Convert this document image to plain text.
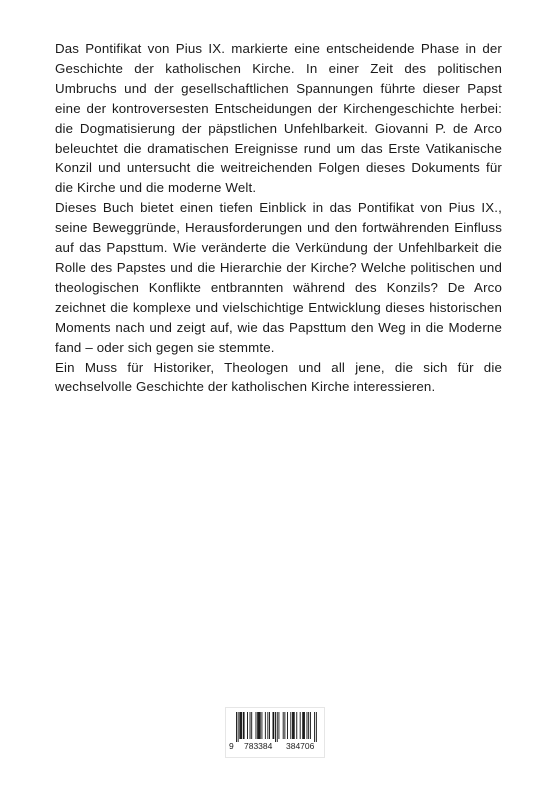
Das Pontifikat von Pius IX. markierte eine entscheidende Phase in der Geschichte der katholischen Kirche. In einer Zeit des politischen Umbruchs und der gesellschaftlichen Spannungen führte dieser Papst eine der kontroversesten Entscheidungen der Kirchengeschichte herbei: die Dogmatisierung der päpstlichen Unfehlbarkeit. Giovanni P. de Arco beleuchtet die dramatischen Ereignisse rund um das Erste Vatikanische Konzil und untersucht die weitreichenden Folgen dieses Dokuments für die Kirche und die moderne Welt.

Dieses Buch bietet einen tiefen Einblick in das Pontifikat von Pius IX., seine Beweggründe, Herausforderungen und den fortwährenden Einfluss auf das Papsttum. Wie veränderte die Verkündung der Unfehlbarkeit die Rolle des Papstes und die Hierarchie der Kirche? Welche politischen und theologischen Konflikte entbrannten während des Konzils? De Arco zeichnet die komplexe und vielschichtige Entwicklung dieses historischen Moments nach und zeigt auf, wie das Papsttum den Weg in die Moderne fand – oder sich gegen sie stemmte.

Ein Muss für Historiker, Theologen und all jene, die sich für die wechselvolle Geschichte der katholischen Kirche interessieren.

9 783384 384706
